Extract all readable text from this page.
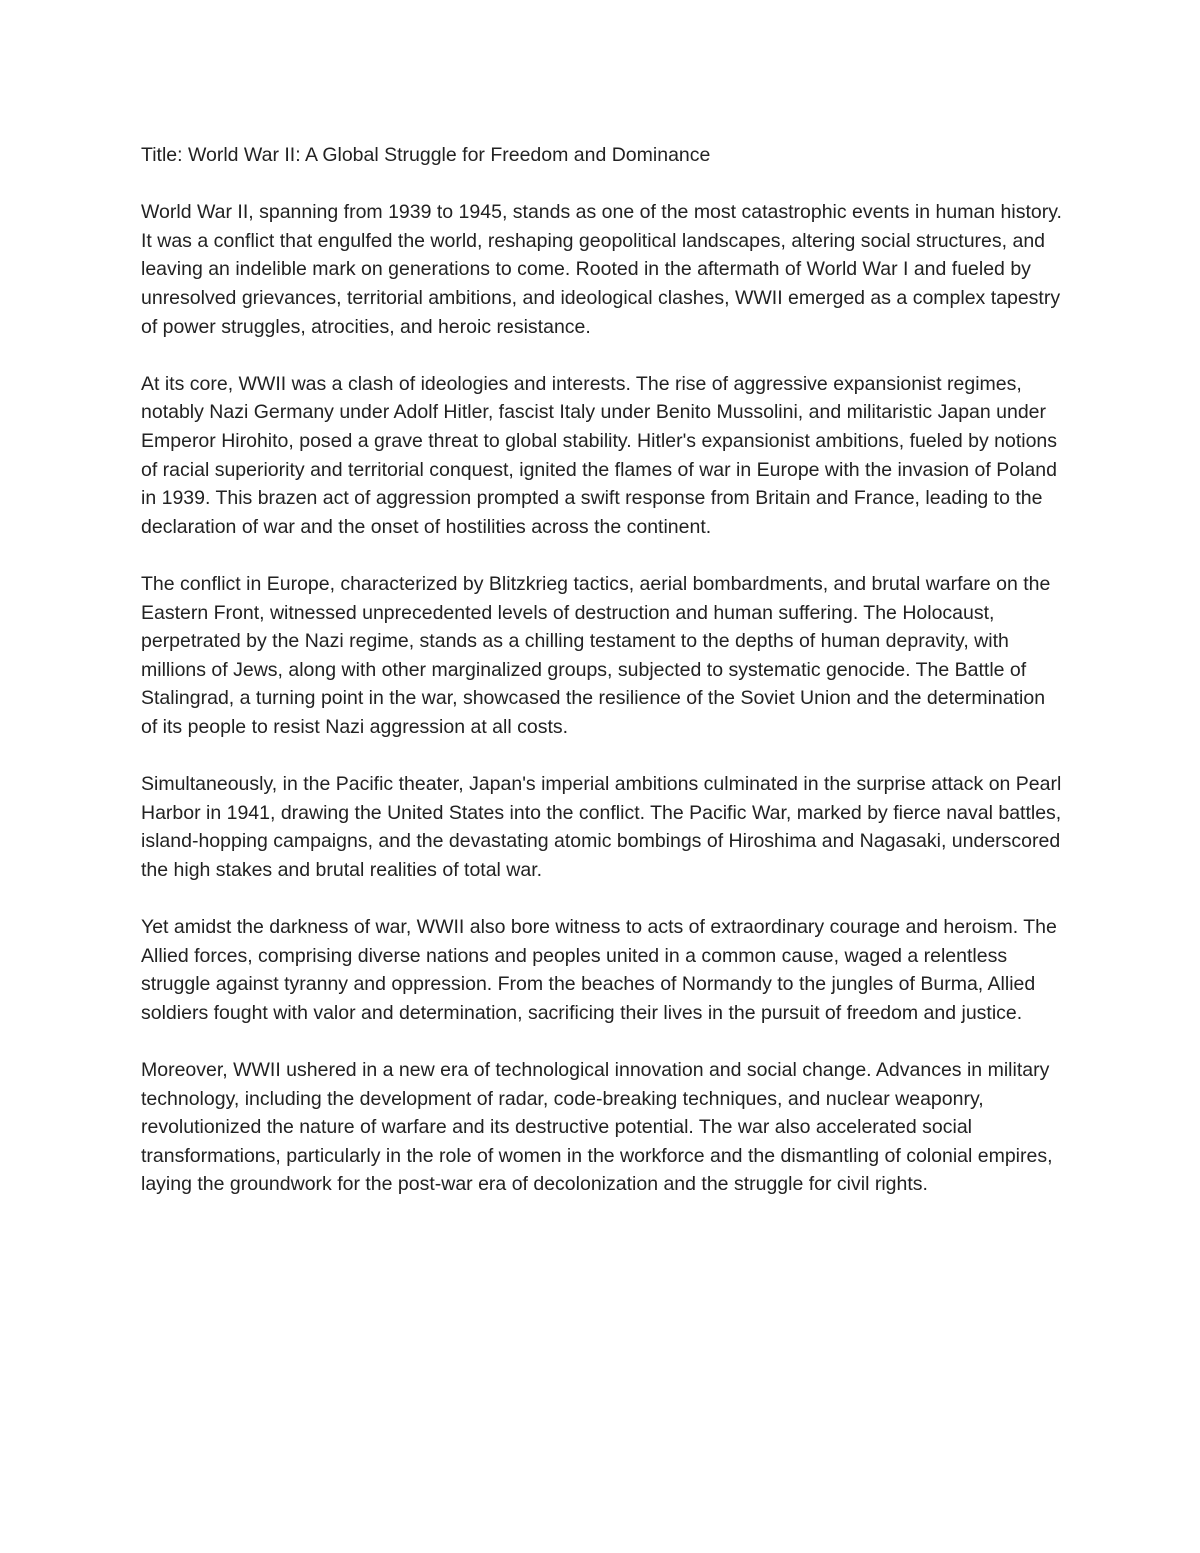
Title: World War II: A Global Struggle for Freedom and Dominance

World War II, spanning from 1939 to 1945, stands as one of the most catastrophic events in human history. It was a conflict that engulfed the world, reshaping geopolitical landscapes, altering social structures, and leaving an indelible mark on generations to come. Rooted in the aftermath of World War I and fueled by unresolved grievances, territorial ambitions, and ideological clashes, WWII emerged as a complex tapestry of power struggles, atrocities, and heroic resistance.

At its core, WWII was a clash of ideologies and interests. The rise of aggressive expansionist regimes, notably Nazi Germany under Adolf Hitler, fascist Italy under Benito Mussolini, and militaristic Japan under Emperor Hirohito, posed a grave threat to global stability. Hitler's expansionist ambitions, fueled by notions of racial superiority and territorial conquest, ignited the flames of war in Europe with the invasion of Poland in 1939. This brazen act of aggression prompted a swift response from Britain and France, leading to the declaration of war and the onset of hostilities across the continent.

The conflict in Europe, characterized by Blitzkrieg tactics, aerial bombardments, and brutal warfare on the Eastern Front, witnessed unprecedented levels of destruction and human suffering. The Holocaust, perpetrated by the Nazi regime, stands as a chilling testament to the depths of human depravity, with millions of Jews, along with other marginalized groups, subjected to systematic genocide. The Battle of Stalingrad, a turning point in the war, showcased the resilience of the Soviet Union and the determination of its people to resist Nazi aggression at all costs.

Simultaneously, in the Pacific theater, Japan's imperial ambitions culminated in the surprise attack on Pearl Harbor in 1941, drawing the United States into the conflict. The Pacific War, marked by fierce naval battles, island-hopping campaigns, and the devastating atomic bombings of Hiroshima and Nagasaki, underscored the high stakes and brutal realities of total war.

Yet amidst the darkness of war, WWII also bore witness to acts of extraordinary courage and heroism. The Allied forces, comprising diverse nations and peoples united in a common cause, waged a relentless struggle against tyranny and oppression. From the beaches of Normandy to the jungles of Burma, Allied soldiers fought with valor and determination, sacrificing their lives in the pursuit of freedom and justice.

Moreover, WWII ushered in a new era of technological innovation and social change. Advances in military technology, including the development of radar, code-breaking techniques, and nuclear weaponry, revolutionized the nature of warfare and its destructive potential. The war also accelerated social transformations, particularly in the role of women in the workforce and the dismantling of colonial empires, laying the groundwork for the post-war era of decolonization and the struggle for civil rights.
